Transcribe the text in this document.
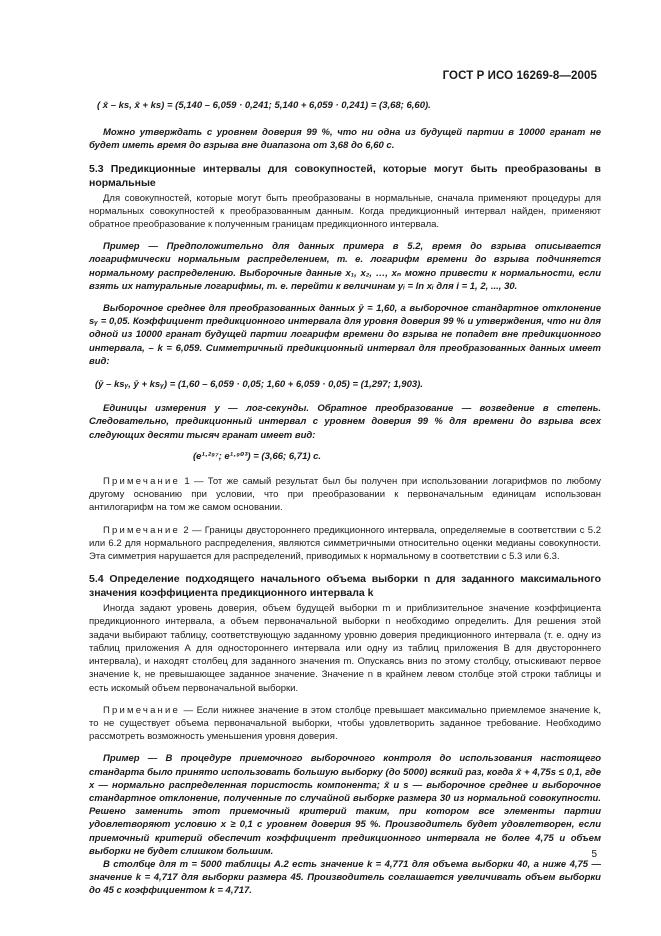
ГОСТ Р ИСО 16269-8—2005

( x̄ – ks, x̄ + ks) = (5,140 – 6,059 · 0,241; 5,140 + 6,059 · 0,241) = (3,68; 6,60).

Можно утверждать с уровнем доверия 99 %, что ни одна из будущей партии в 10000 гранат не будет иметь время до взрыва вне диапазона от 3,68 до 6,60 с.

5.3 Предикционные интервалы для совокупностей, которые могут быть преобразованы в нормальные

Для совокупностей, которые могут быть преобразованы в нормальные, сначала применяют процедуры для нормальных совокупностей к преобразованным данным. Когда предикционный интервал найден, применяют обратное преобразование к полученным границам предикционного интервала.

Пример — Предположительно для данных примера в 5.2, время до взрыва описывается логарифмически нормальным распределением, т. е. логарифм времени до взрыва подчиняется нормальному распределению. Выборочные данные x₁, x₂, …, xₙ можно привести к нормальности, если взять их натуральные логарифмы, т. е. перейти к величинам yᵢ = ln xᵢ для i = 1, 2, ..., 30.

Выборочное среднее для преобразованных данных ȳ = 1,60, а выборочное стандартное отклонение sᵧ = 0,05. Коэффициент предикционного интервала для уровня доверия 99 % и утверждения, что ни для одной из 10000 гранат будущей партии логарифм времени до взрыва не попадет вне предикционного интервала, – k = 6,059. Симметричный предикционный интервал для преобразованных данных имеет вид:

(ȳ – ksᵧ, ȳ + ksᵧ) = (1,60 – 6,059 · 0,05; 1,60 + 6,059 · 0,05) = (1,297; 1,903).

Единицы измерения y — лог-секунды. Обратное преобразование — возведение в степень. Следовательно, предикционный интервал с уровнем доверия 99 % для времени до взрыва всех следующих десяти тысяч гранат имеет вид:

(e¹·²⁹⁷; e¹·⁹⁰³) = (3,66; 6,71) с.

Примечание 1 — Тот же самый результат был бы получен при использовании логарифмов по любому другому основанию при условии, что при преобразовании к первоначальным единицам использован антилогарифм на том же самом основании.

Примечание 2 — Границы двустороннего предикционного интервала, определяемые в соответствии с 5.2 или 6.2 для нормального распределения, являются симметричными относительно оценки медианы совокупности. Эта симметрия нарушается для распределений, приводимых к нормальному в соответствии с 5.3 или 6.3.

5.4 Определение подходящего начального объема выборки n для заданного максимального значения коэффициента предикционного интервала k

Иногда задают уровень доверия, объем будущей выборки m и приблизительное значение коэффициента предикционного интервала, а объем первоначальной выборки n необходимо определить. Для решения этой задачи выбирают таблицу, соответствующую заданному уровню доверия предикционного интервала (т. е. одну из таблиц приложения А для одностороннего интервала или одну из таблиц приложения В для двустороннего интервала), и находят столбец для заданного значения m. Опускаясь вниз по этому столбцу, отыскивают первое значение k, не превышающее заданное значение. Значение n в крайнем левом столбце этой строки таблицы и есть искомый объем первоначальной выборки.

Примечание — Если нижнее значение в этом столбце превышает максимально приемлемое значение k, то не существует объема первоначальной выборки, чтобы удовлетворить заданное требование. Необходимо рассмотреть возможность уменьшения уровня доверия.

Пример — В процедуре приемочного выборочного контроля до использования настоящего стандарта было принято использовать большую выборку (до 5000) всякий раз, когда x̄ + 4,75s ≤ 0,1, где x — нормально распределенная пористость компонента; x̄ и s — выборочное среднее и выборочное стандартное отклонение, полученные по случайной выборке размера 30 из нормальной совокупности. Решено заменить этот приемочный критерий таким, при котором все элементы партии удовлетворяют условию x ≥ 0,1 с уровнем доверия 95 %. Производитель будет удовлетворен, если приемочный критерий обеспечит коэффициент предикционного интервала не более 4,75 и объем выборки не будет слишком большим.

В столбце для m = 5000 таблицы А.2 есть значение k = 4,771 для объема выборки 40, а ниже 4,75 — значение k = 4,717 для выборки размера 45. Производитель соглашается увеличивать объем выборки до 45 с коэффициентом k = 4,717.

5
